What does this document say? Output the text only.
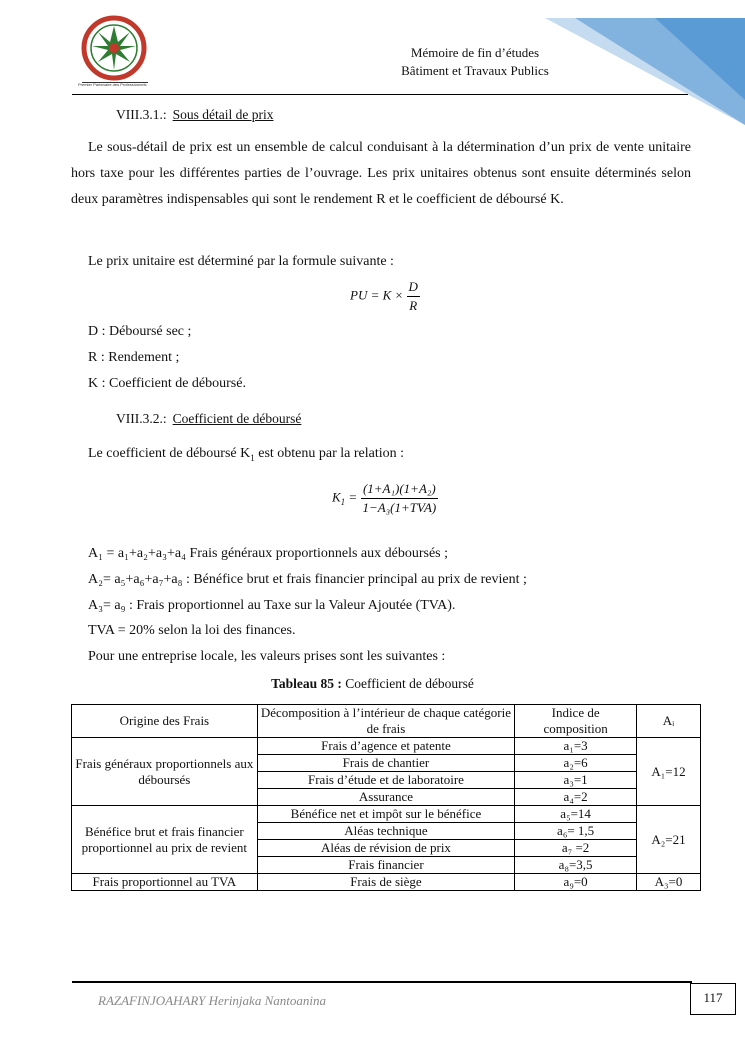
Premier Partenaire des Professionnels
Mémoire de fin d’études
Bâtiment et Travaux Publics
VIII.3.1.: Sous détail de prix
Le sous-détail de prix est un ensemble de calcul conduisant à la détermination d’un prix de vente unitaire hors taxe pour les différentes parties de l’ouvrage. Les prix unitaires obtenus sont ensuite déterminés selon deux paramètres indispensables qui sont le rendement R et le coefficient de déboursé K.
Le prix unitaire est déterminé par la formule suivante :
PU = $K \times \frac{D}{R}$
D : Déboursé sec ;
R : Rendement ;
K : Coefficient de déboursé.
VIII.3.2.: Coefficient de déboursé
Le coefficient de déboursé $K_1$ est obtenu par la relation :
$K_1 = \frac{\text{(1+A₁)(1+A₂)}}{\text{1−A₃(1+TVA)}}$
A₁ = a₁+a₂+a₃+a₄ Frais généraux proportionnels aux déboursés ;
A₂= a₅+a₆+a₇+a₈ : Bénéfice brut et frais financier principal au prix de revient ;
A₃= a₉ : Frais proportionnel au Taxe sur la Valeur Ajoutée (TVA).
TVA = 20% selon la loi des finances.
Pour une entreprise locale, les valeurs prises sont les suivantes :
Tableau 85 : Coefficient de déboursé
Origine des Frais	Décomposition à l’intérieur de chaque catégorie de frais	Indice de composition	Aᵢ
Frais généraux proportionnels aux déboursés	Frais d’agence et patente	a₁=3	A₁=12
	Frais de chantier	a₂=6	
	Frais d’étude et de laboratoire	a₃=1	
	Assurance	a₄=2	
Bénéfice brut et frais financier proportionnel au prix de revient	Bénéfice net et impôt sur le bénéfice	a₅=14	A₂=21
	Aléas technique	a₆= 1,5	
	Aléas de révision de prix	a₇ =2	
	Frais financier	a₈=3,5	
Frais proportionnel au TVA	Frais de siège	a₉=0	A₃=0
RAZAFINJOAHARY Herinjaka Nantoanina	117
